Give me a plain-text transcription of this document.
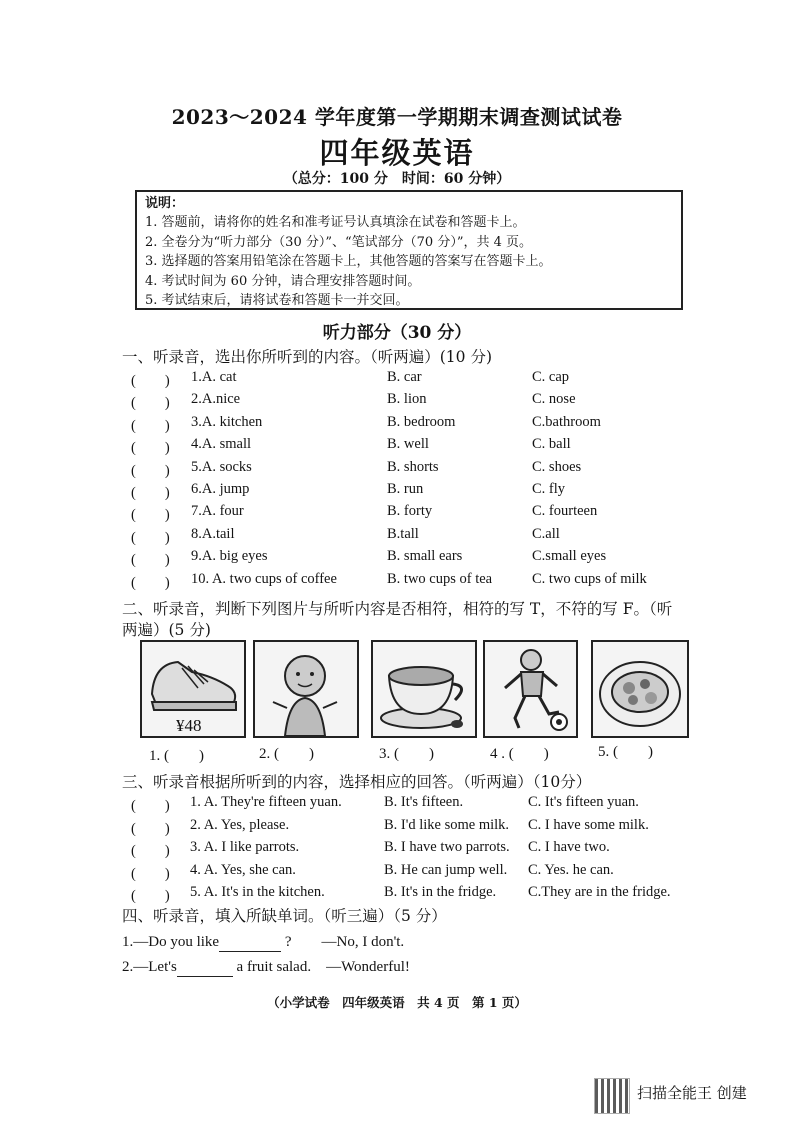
2023～2024 学年度第一学期期末调查测试试卷
四年级英语
（总分：100 分　时间：60 分钟）
说明：
1. 答题前，请将你的姓名和准考证号认真填涂在试卷和答题卡上。
2. 全卷分为“听力部分（30 分）”、“笔试部分（70 分）”，共 4 页。
3. 选择题的答案用铅笔涂在答题卡上，其他答题的答案写在答题卡上。
4. 考试时间为 60 分钟，请合理安排答题时间。
5. 考试结束后，请将试卷和答题卡一并交回。
听力部分（30 分）
一、听录音，选出你所听到的内容。（听两遍）(10 分)
(　　) 1.A. cat	B. car	C. cap
(　　) 2.A.nice	B. lion	C. nose
(　　) 3.A. kitchen	B. bedroom	C.bathroom
(　　) 4.A. small	B. well	C. ball
(　　) 5.A. socks	B. shorts	C. shoes
(　　) 6.A. jump	B. run	C. fly
(　　) 7.A. four	B. forty	C. fourteen
(　　) 8.A.tail	B.tall	C.all
(　　) 9.A. big eyes	B. small ears	C.small eyes
(　　) 10. A. two cups of coffee	B. two cups of tea	C. two cups of milk
二、听录音，判断下列图片与所听内容是否相符，相符的写 T，不符的写 F。（听
两遍）(5 分)
¥48
1. (　　)	2. (　　)	3. (　　)	4 . (　　)	5. (　　)
三、听录音根据所听到的内容，选择相应的回答。（听两遍）（10分）
(　　) 1. A. They're fifteen yuan.	B. It's fifteen.	C. It's fifteen yuan.
(　　) 2. A. Yes, please.	B. I'd like some milk. C. I have some milk.
(　　) 3. A. I like parrots.	B. I have two parrots. C. I have two.
(　　) 4. A. Yes, she can.	B. He can jump well. C. Yes. he can.
(　　) 5. A. It's in the kitchen.	B. It's in the fridge. C.They are in the fridge.
四、听录音，填入所缺单词。（听三遍）（5 分）
1.—Do you like	?　　—No, I don't.
2.—Let's	a fruit salad.　—Wonderful!
（小学试卷　四年级英语　共 4 页　第 1 页）
扫描全能王 创建
